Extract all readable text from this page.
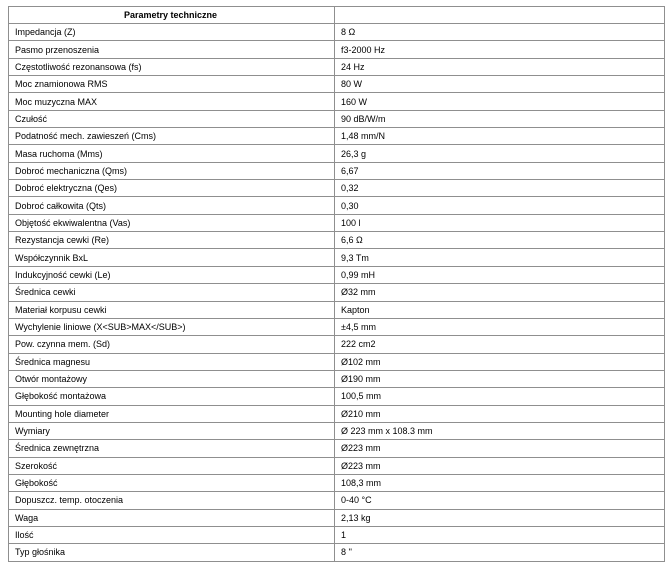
Parametry techniczne	
Impedancja (Z)	8 Ω
Pasmo przenoszenia	f3-2000 Hz
Częstotliwość rezonansowa (fs)	24 Hz
Moc znamionowa RMS	80 W
Moc muzyczna MAX	160 W
Czułość	90 dB/W/m
Podatność mech. zawieszeń (Cms)	1,48 mm/N
Masa ruchoma (Mms)	26,3 g
Dobroć mechaniczna (Qms)	6,67
Dobroć elektryczna (Qes)	0,32
Dobroć całkowita (Qts)	0,30
Objętość ekwiwalentna (Vas)	100 l
Rezystancja cewki (Re)	6,6 Ω
Współczynnik BxL	9,3 Tm
Indukcyjność cewki (Le)	0,99 mH
Średnica cewki	Ø32 mm
Materiał korpusu cewki	Kapton
Wychylenie liniowe (X<SUB>MAX</SUB>)	±4,5 mm
Pow. czynna mem. (Sd)	222 cm2
Średnica magnesu	Ø102 mm
Otwór montażowy	Ø190 mm
Głębokość montażowa	100,5 mm
Mounting hole diameter	Ø210 mm
Wymiary	Ø 223 mm x 108.3 mm
Średnica zewnętrzna	Ø223 mm
Szerokość	Ø223 mm
Głębokość	108,3 mm
Dopuszcz. temp. otoczenia	0-40 °C
Waga	2,13 kg
Ilość	1
Typ głośnika	8 ''
